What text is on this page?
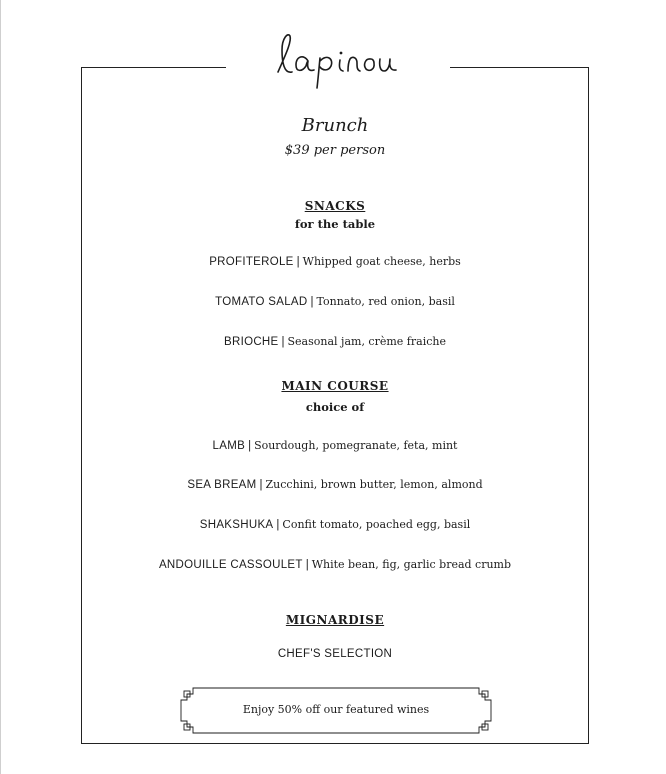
Brunch
$39 per person
SNACKS
for the table
PROFITEROLE | Whipped goat cheese, herbs
TOMATO SALAD | Tonnato, red onion, basil
BRIOCHE | Seasonal jam, crème fraiche
MAIN COURSE
choice of
LAMB | Sourdough, pomegranate, feta, mint
SEA BREAM | Zucchini, brown butter, lemon, almond
SHAKSHUKA | Confit tomato, poached egg, basil
ANDOUILLE CASSOULET | White bean, fig, garlic bread crumb
MIGNARDISE
CHEF'S SELECTION
Enjoy 50% off our featured wines
